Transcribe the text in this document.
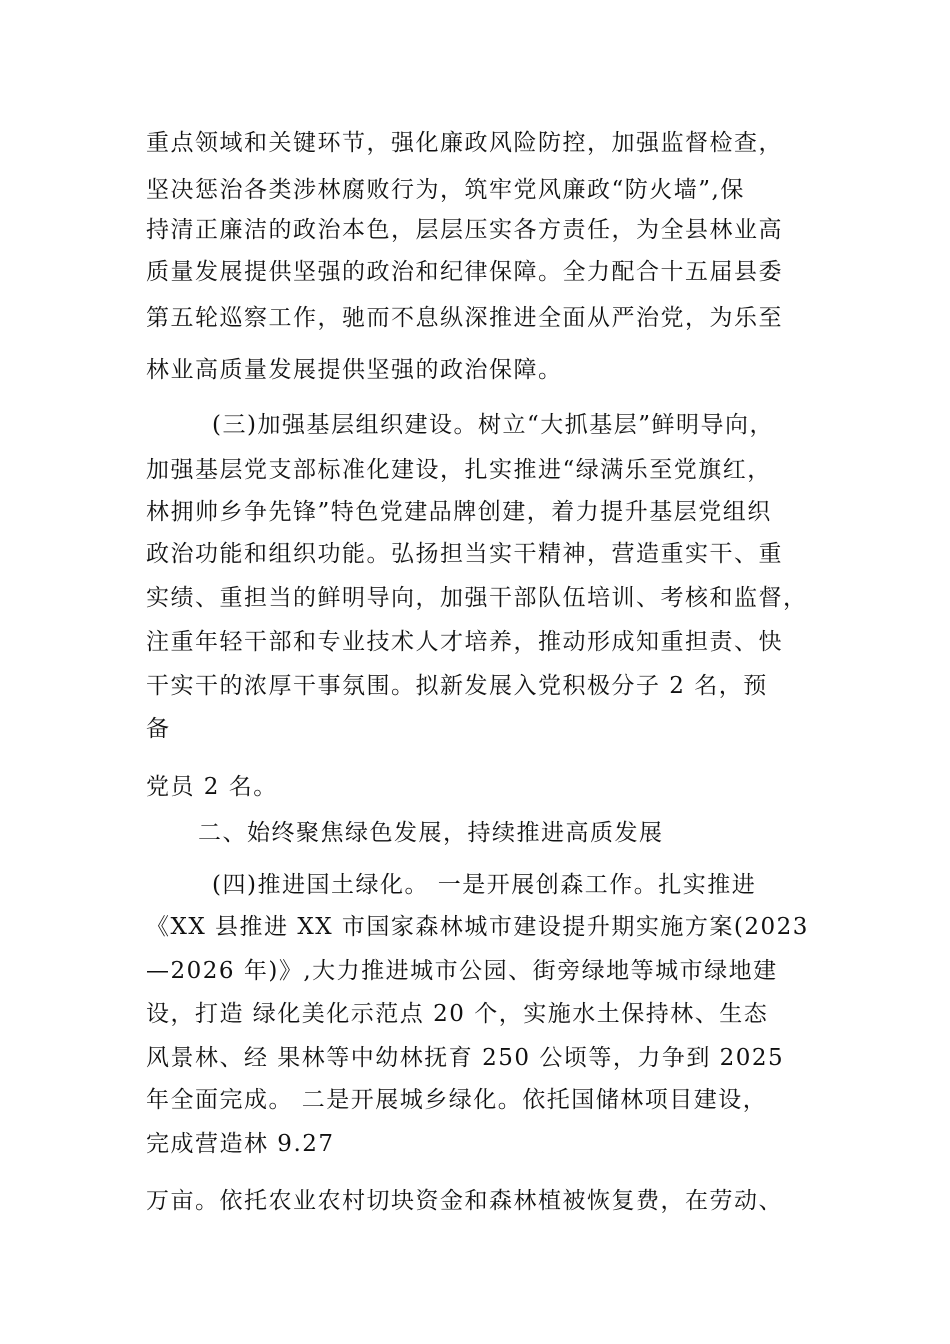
重点领域和关键环节，强化廉政风险防控，加强监督检查，
坚决惩治各类涉林腐败行为，筑牢党风廉政“防火墙”,保
持清正廉洁的政治本色，层层压实各方责任，为全县林业高
质量发展提供坚强的政治和纪律保障。全力配合十五届县委
第五轮巡察工作，驰而不息纵深推进全面从严治党，为乐至
林业高质量发展提供坚强的政治保障。
(三)加强基层组织建设。树立“大抓基层”鲜明导向，
加强基层党支部标准化建设，扎实推进“绿满乐至党旗红，
林拥帅乡争先锋”特色党建品牌创建，着力提升基层党组织
政治功能和组织功能。弘扬担当实干精神，营造重实干、重
实绩、重担当的鲜明导向，加强干部队伍培训、考核和监督，
注重年轻干部和专业技术人才培养，推动形成知重担责、快
干实干的浓厚干事氛围。拟新发展入党积极分子 2 名，预
备
党员 2 名。
二、始终聚焦绿色发展，持续推进高质发展
(四)推进国土绿化。 一是开展创森工作。扎实推进
《XX 县推进 XX 市国家森林城市建设提升期实施方案(2023
—2026 年)》,大力推进城市公园、街旁绿地等城市绿地建
设，打造 绿化美化示范点 20 个，实施水土保持林、生态
风景林、经 果林等中幼林抚育 250 公顷等，力争到 2025
年全面完成。 二是开展城乡绿化。依托国储林项目建设，
完成营造林 9.27
万亩。依托农业农村切块资金和森林植被恢复费，在劳动、
